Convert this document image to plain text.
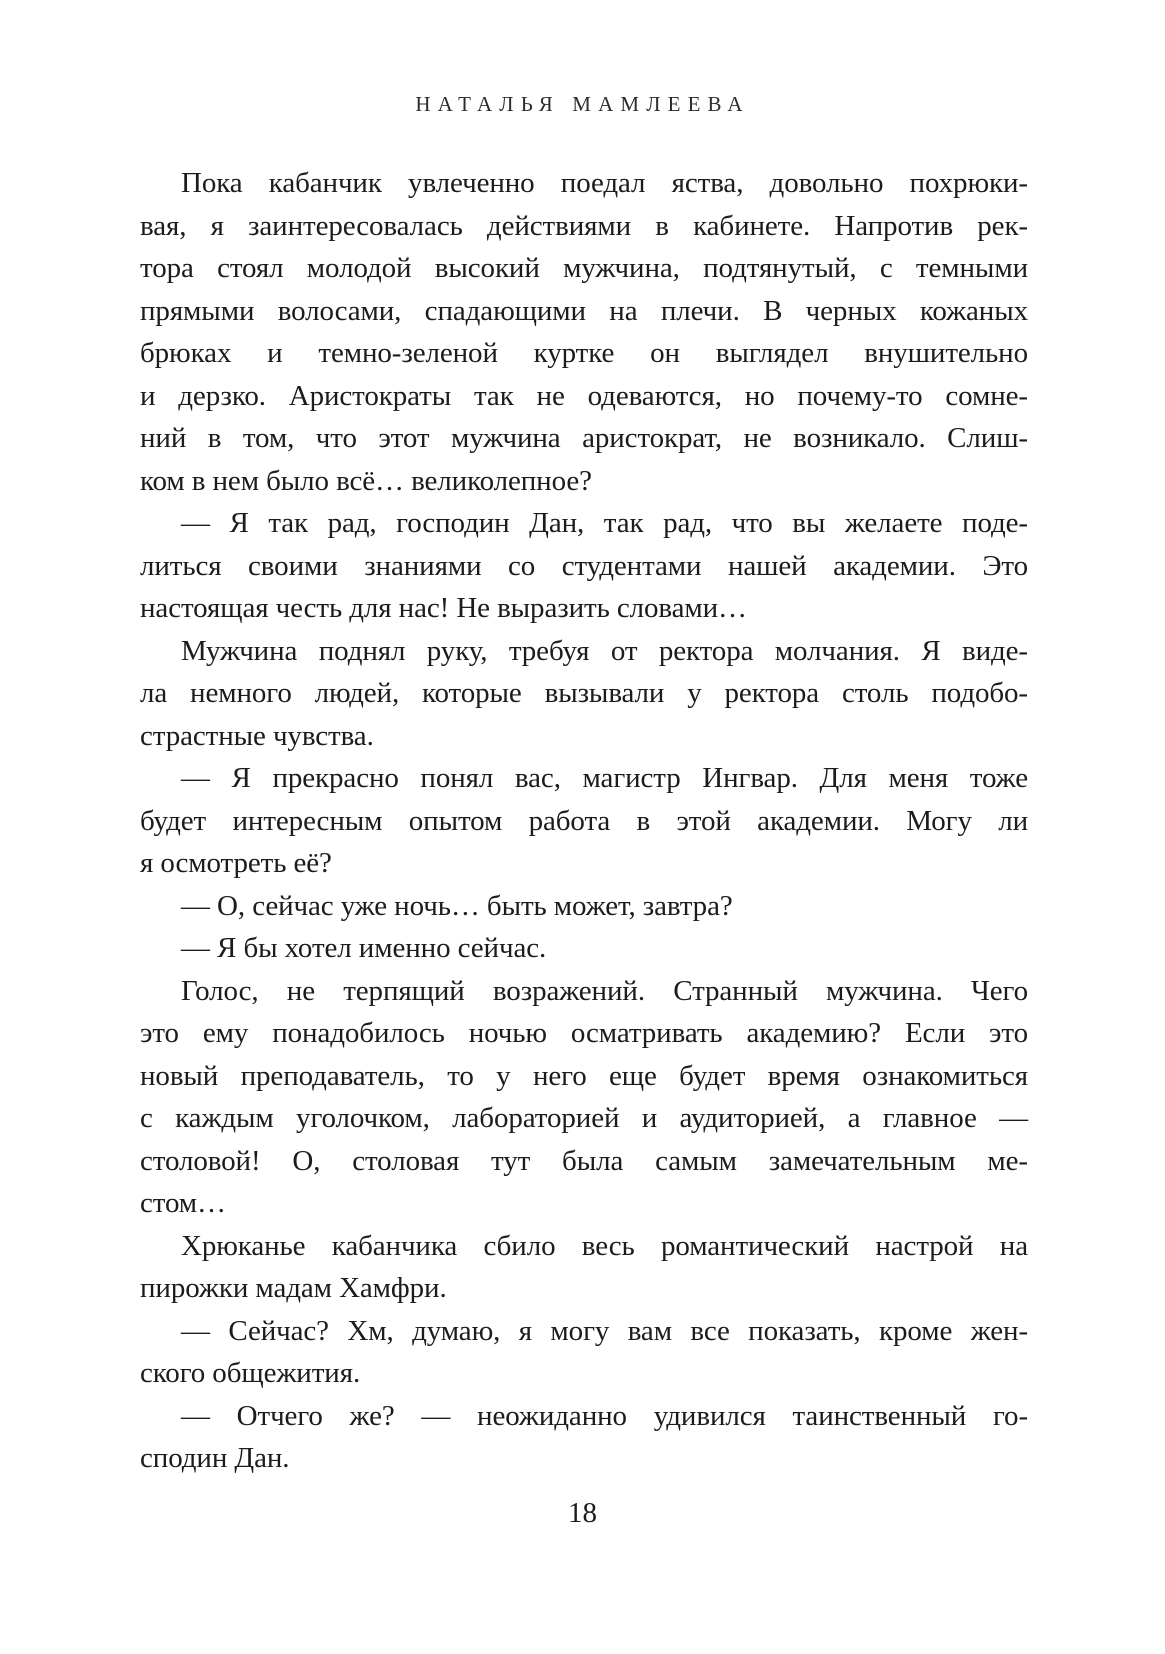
НАТАЛЬЯ МАМЛЕЕВА
Пока кабанчик увлеченно поедал яства, довольно похрюки-
вая, я заинтересовалась действиями в кабинете. Напротив рек-
тора стоял молодой высокий мужчина, подтянутый, с темными
прямыми волосами, спадающими на плечи. В черных кожаных
брюках и темно-зеленой куртке он выглядел внушительно
и дерзко. Аристократы так не одеваются, но почему-то сомне-
ний в том, что этот мужчина аристократ, не возникало. Слиш-
ком в нем было всё… великолепное?
— Я так рад, господин Дан, так рад, что вы желаете поде-
литься своими знаниями со студентами нашей академии. Это
настоящая честь для нас! Не выразить словами…
Мужчина поднял руку, требуя от ректора молчания. Я виде-
ла немного людей, которые вызывали у ректора столь подобо-
страстные чувства.
— Я прекрасно понял вас, магистр Ингвар. Для меня тоже
будет интересным опытом работа в этой академии. Могу ли
я осмотреть её?
— О, сейчас уже ночь… быть может, завтра?
— Я бы хотел именно сейчас.
Голос, не терпящий возражений. Странный мужчина. Чего
это ему понадобилось ночью осматривать академию? Если это
новый преподаватель, то у него еще будет время ознакомиться
с каждым уголочком, лабораторией и аудиторией, а главное —
столовой! О, столовая тут была самым замечательным ме-
стом…
Хрюканье кабанчика сбило весь романтический настрой на
пирожки мадам Хамфри.
— Сейчас? Хм, думаю, я могу вам все показать, кроме жен-
ского общежития.
— Отчего же? — неожиданно удивился таинственный го-
сподин Дан.
18
